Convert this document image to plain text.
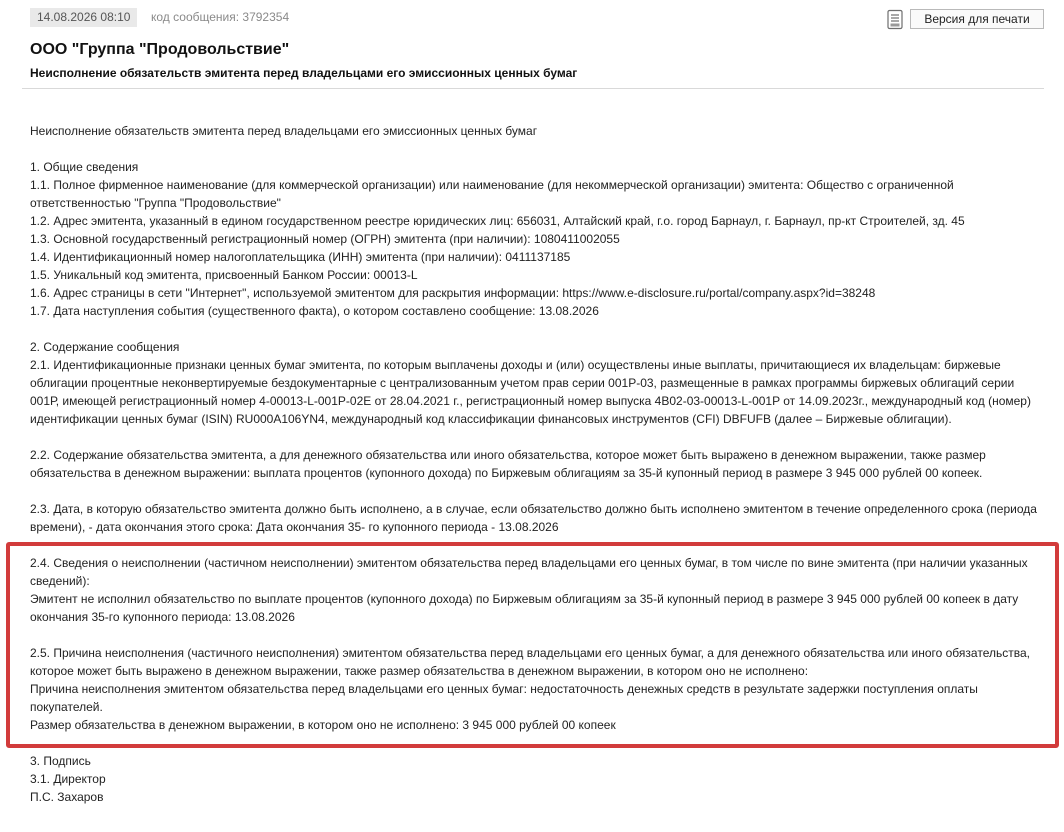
14.08.2026 08:10	код сообщения: 3792354	Версия для печати
ООО "Группа "Продовольствие"
Неисполнение обязательств эмитента перед владельцами его эмиссионных ценных бумаг
Неисполнение обязательств эмитента перед владельцами его эмиссионных ценных бумаг
1. Общие сведения
1.1. Полное фирменное наименование (для коммерческой организации) или наименование (для некоммерческой организации) эмитента: Общество с ограниченной ответственностью "Группа "Продовольствие"
1.2. Адрес эмитента, указанный в едином государственном реестре юридических лиц: 656031, Алтайский край, г.о. город Барнаул, г. Барнаул, пр-кт Строителей, зд. 45
1.3. Основной государственный регистрационный номер (ОГРН) эмитента (при наличии): 1080411002055
1.4. Идентификационный номер налогоплательщика (ИНН) эмитента (при наличии): 0411137185
1.5. Уникальный код эмитента, присвоенный Банком России: 00013-L
1.6. Адрес страницы в сети "Интернет", используемой эмитентом для раскрытия информации: https://www.e-disclosure.ru/portal/company.aspx?id=38248
1.7. Дата наступления события (существенного факта), о котором составлено сообщение: 13.08.2026
2. Содержание сообщения
2.1. Идентификационные признаки ценных бумаг эмитента, по которым выплачены доходы и (или) осуществлены иные выплаты, причитающиеся их владельцам: биржевые облигации процентные неконвертируемые бездокументарные с централизованным учетом прав серии 001Р-03, размещенные в рамках программы биржевых облигаций серии 001Р, имеющей регистрационный номер 4-00013-L-001P-02E от 28.04.2021 г., регистрационный номер выпуска 4B02-03-00013-L-001P от 14.09.2023г., международный код (номер) идентификации ценных бумаг (ISIN) RU000A106YN4, международный код классификации финансовых инструментов (CFI) DBFUFB (далее – Биржевые облигации).
2.2. Содержание обязательства эмитента, а для денежного обязательства или иного обязательства, которое может быть выражено в денежном выражении, также размер обязательства в денежном выражении: выплата процентов (купонного дохода) по Биржевым облигациям за 35-й купонный период в размере 3 945 000 рублей 00 копеек.
2.3. Дата, в которую обязательство эмитента должно быть исполнено, а в случае, если обязательство должно быть исполнено эмитентом в течение определенного срока (периода времени), - дата окончания этого срока: Дата окончания 35- го купонного периода - 13.08.2026
2.4. Сведения о неисполнении (частичном неисполнении) эмитентом обязательства перед владельцами его ценных бумаг, в том числе по вине эмитента (при наличии указанных сведений):
Эмитент не исполнил обязательство по выплате процентов (купонного дохода) по Биржевым облигациям за 35-й купонный период в размере 3 945 000 рублей 00 копеек в дату окончания 35-го купонного периода: 13.08.2026
2.5. Причина неисполнения (частичного неисполнения) эмитентом обязательства перед владельцами его ценных бумаг, а для денежного обязательства или иного обязательства, которое может быть выражено в денежном выражении, также размер обязательства в денежном выражении, в котором оно не исполнено:
Причина неисполнения эмитентом обязательства перед владельцами его ценных бумаг: недостаточность денежных средств в результате задержки поступления оплаты покупателей.
Размер обязательства в денежном выражении, в котором оно не исполнено: 3 945 000 рублей 00 копеек
3. Подпись
3.1. Директор
П.С. Захаров
